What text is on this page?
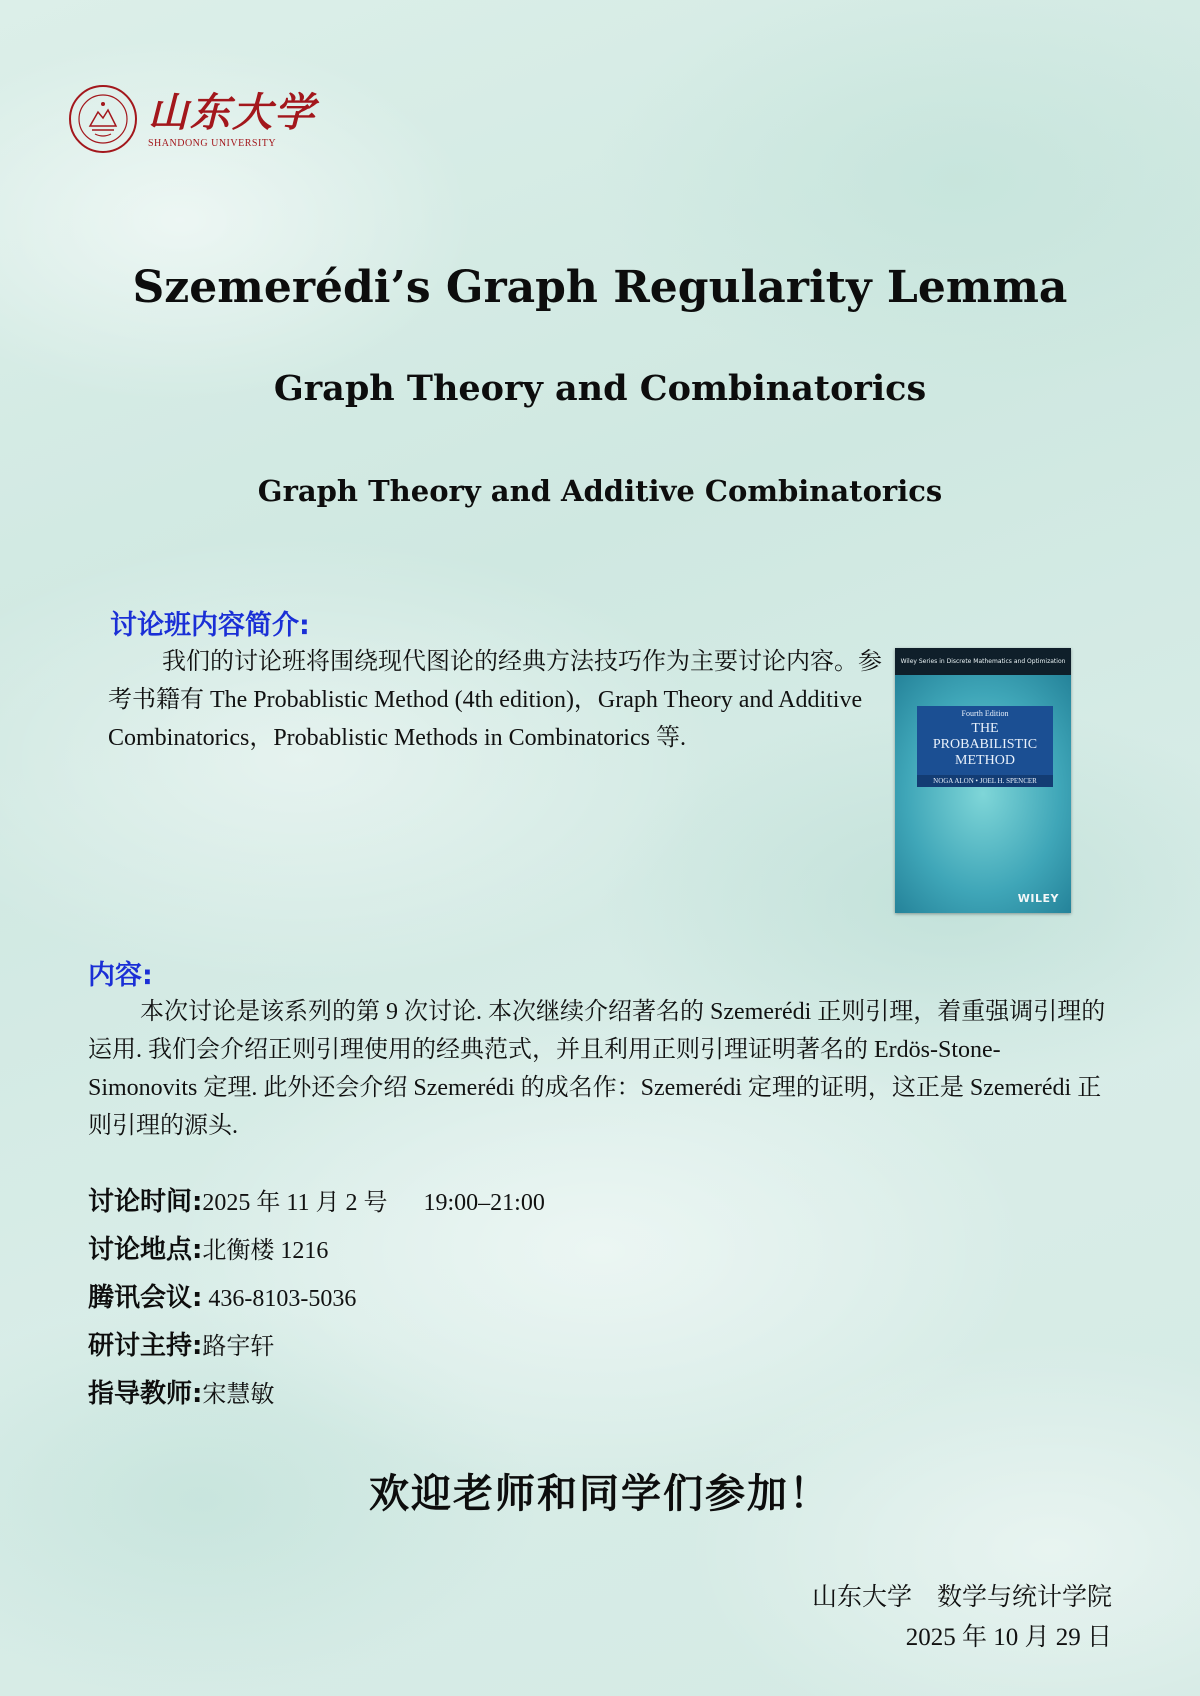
山东大学
SHANDONG UNIVERSITY
Szemerédi’s Graph Regularity Lemma
Graph Theory and Combinatorics
Graph Theory and Additive Combinatorics
讨论班内容简介:
我们的讨论班将围绕现代图论的经典方法技巧作为主要讨论内容。参考书籍有 The Probablistic Method (4th edition)，Graph Theory and Additive Combinatorics，Probablistic Methods in Combinatorics 等.
Wiley Series in Discrete Mathematics and Optimization
Fourth Edition
THE
PROBABILISTIC
METHOD
NOGA ALON • JOEL H. SPENCER
WILEY
内容:
本次讨论是该系列的第 9 次讨论. 本次继续介绍著名的 Szemerédi 正则引理，着重强调引理的运用. 我们会介绍正则引理使用的经典范式，并且利用正则引理证明著名的 Erdös-Stone-Simonovits 定理. 此外还会介绍 Szemerédi 的成名作：Szemerédi 定理的证明，这正是 Szemerédi 正则引理的源头.
讨论时间: 2025 年 11 月 2 号 19:00–21:00
讨论地点: 北衡楼 1216
腾讯会议: 436-8103-5036
研讨主持: 路宇轩
指导教师: 宋慧敏
欢迎老师和同学们参加！
山东大学　数学与统计学院
2025 年 10 月 29 日
